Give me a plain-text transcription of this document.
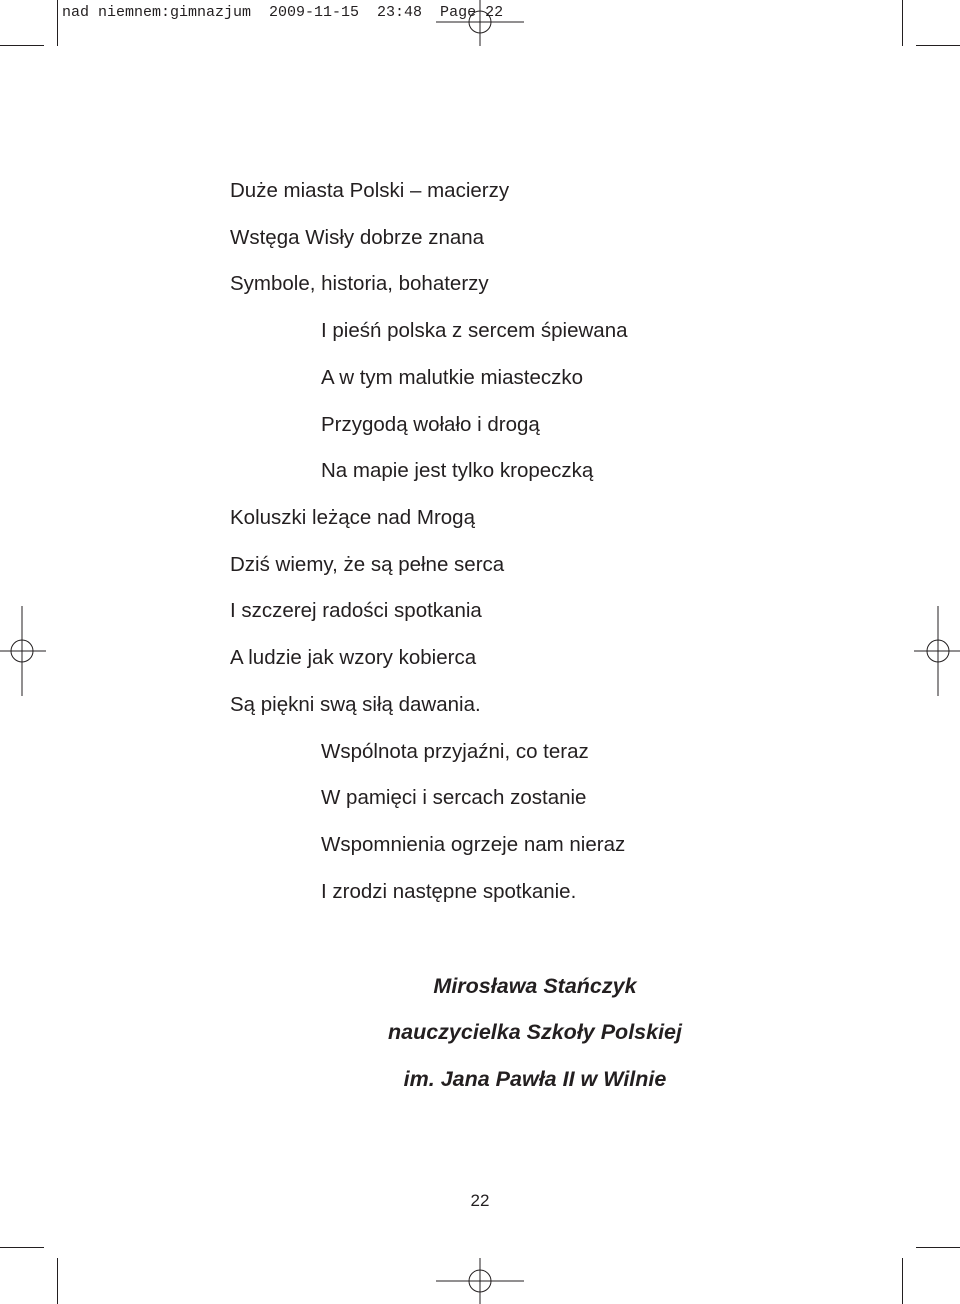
nad niemnem:gimnazjum  2009-11-15  23:48  Page 22
Duże miasta Polski – macierzy
Wstęga Wisły dobrze znana
Symbole, historia, bohaterzy
I pieśń polska z sercem śpiewana
A w tym malutkie miasteczko
Przygodą wołało i drogą
Na mapie jest tylko kropeczką
Koluszki leżące nad Mrogą
Dziś wiemy, że są pełne serca
I szczerej radości spotkania
A ludzie jak wzory kobierca
Są piękni swą siłą dawania.
Wspólnota przyjaźni, co teraz
W pamięci i sercach zostanie
Wspomnienia ogrzeje nam nieraz
I zrodzi następne spotkanie.
Mirosława Stańczyk
nauczycielka Szkoły Polskiej
im. Jana Pawła II w Wilnie
22
